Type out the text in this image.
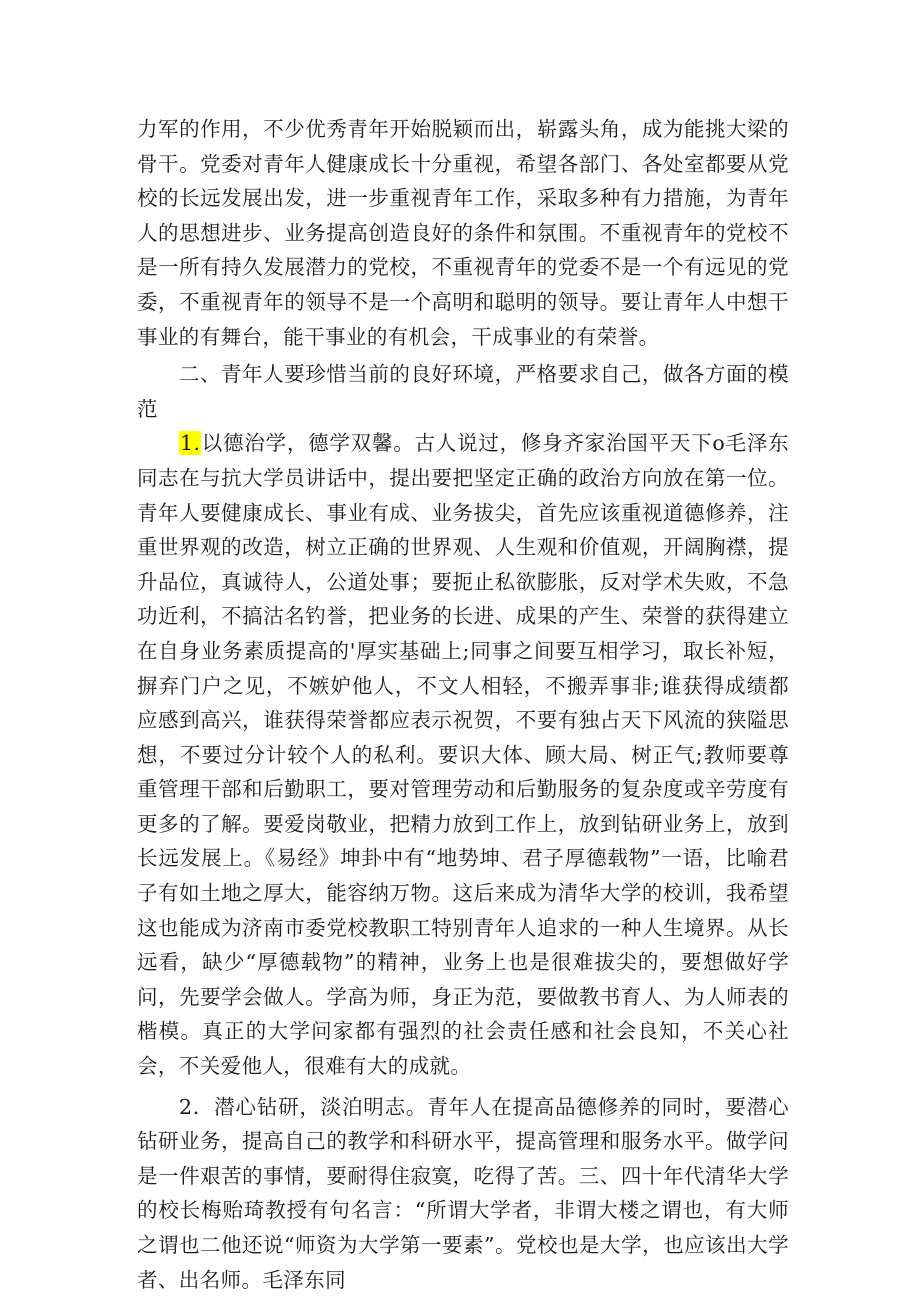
力军的作用，不少优秀青年开始脱颖而出，崭露头角，成为能挑大梁的骨干。党委对青年人健康成长十分重视，希望各部门、各处室都要从党校的长远发展出发，进一步重视青年工作，采取多种有力措施，为青年人的思想进步、业务提高创造良好的条件和氛围。不重视青年的党校不是一所有持久发展潜力的党校，不重视青年的党委不是一个有远见的党委，不重视青年的领导不是一个高明和聪明的领导。要让青年人中想干事业的有舞台，能干事业的有机会，干成事业的有荣誉。

二、青年人要珍惜当前的良好环境，严格要求自己，做各方面的模范

1.以德治学，德学双馨。古人说过，修身齐家治国平天下o毛泽东同志在与抗大学员讲话中，提出要把坚定正确的政治方向放在第一位。青年人要健康成长、事业有成、业务拔尖，首先应该重视道德修养，注重世界观的改造，树立正确的世界观、人生观和价值观，开阔胸襟，提升品位，真诚待人，公道处事；要扼止私欲膨胀，反对学术失败，不急功近利，不搞沽名钓誉，把业务的长进、成果的产生、荣誉的获得建立在自身业务素质提高的'厚实基础上;同事之间要互相学习，取长补短，摒弃门户之见，不嫉妒他人，不文人相轻，不搬弄事非;谁获得成绩都应感到高兴，谁获得荣誉都应表示祝贺，不要有独占天下风流的狭隘思想，不要过分计较个人的私利。要识大体、顾大局、树正气;教师要尊重管理干部和后勤职工，要对管理劳动和后勤服务的复杂度或辛劳度有更多的了解。要爱岗敬业，把精力放到工作上，放到钻研业务上，放到长远发展上。《易经》坤卦中有“地势坤、君子厚德载物”一语，比喻君子有如土地之厚大，能容纳万物。这后来成为清华大学的校训，我希望这也能成为济南市委党校教职工特别青年人追求的一种人生境界。从长远看，缺少“厚德载物”的精神，业务上也是很难拔尖的，要想做好学问，先要学会做人。学高为师，身正为范，要做教书育人、为人师表的楷模。真正的大学问家都有强烈的社会责任感和社会良知，不关心社会，不关爱他人，很难有大的成就。

2．潜心钻研，淡泊明志。青年人在提高品德修养的同时，要潜心钻研业务，提高自己的教学和科研水平，提高管理和服务水平。做学问是一件艰苦的事情，要耐得住寂寞，吃得了苦。三、四十年代清华大学的校长梅贻琦教授有句名言：“所谓大学者，非谓大楼之谓也，有大师之谓也二他还说“师资为大学第一要素”。党校也是大学，也应该出大学者、出名师。毛泽东同
